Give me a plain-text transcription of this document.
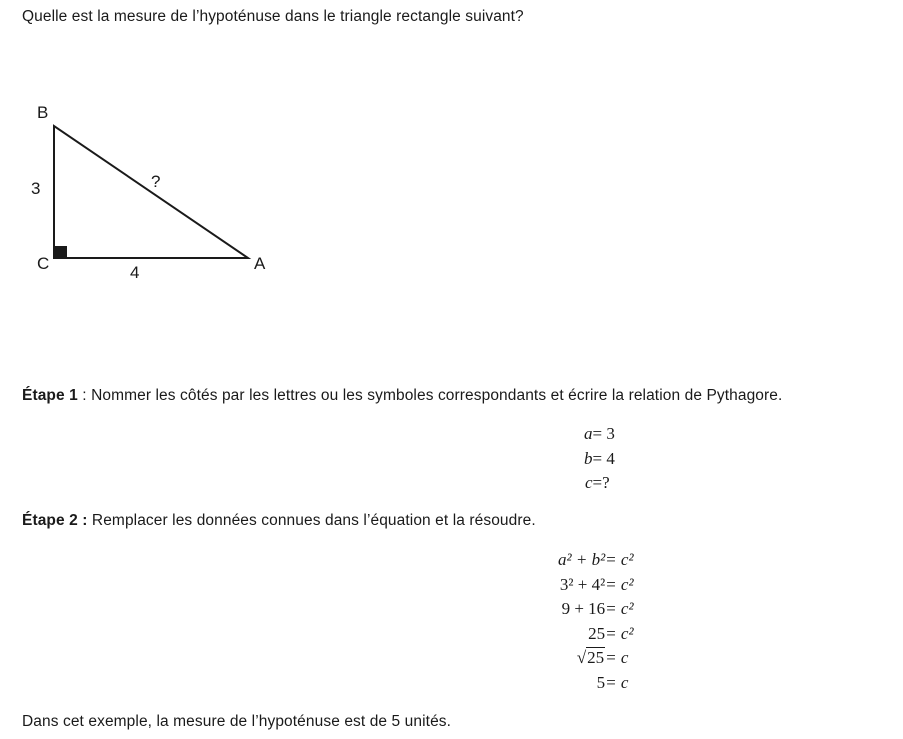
Quelle est la mesure de l’hypoténuse dans le triangle rectangle suivant?
B
C	A
3
4
?
Étape 1 : Nommer les côtés par les lettres ou les symboles correspondants et écrire la relation de Pythagore.
a = 3
b = 4
c =?
Étape 2 : Remplacer les données connues dans l’équation et la résoudre.
a² + b² = c²
3² + 4² = c²
9 + 16 = c²
25 = c²
√25 = c
5 = c
Dans cet exemple, la mesure de l’hypoténuse est de 5 unités.
